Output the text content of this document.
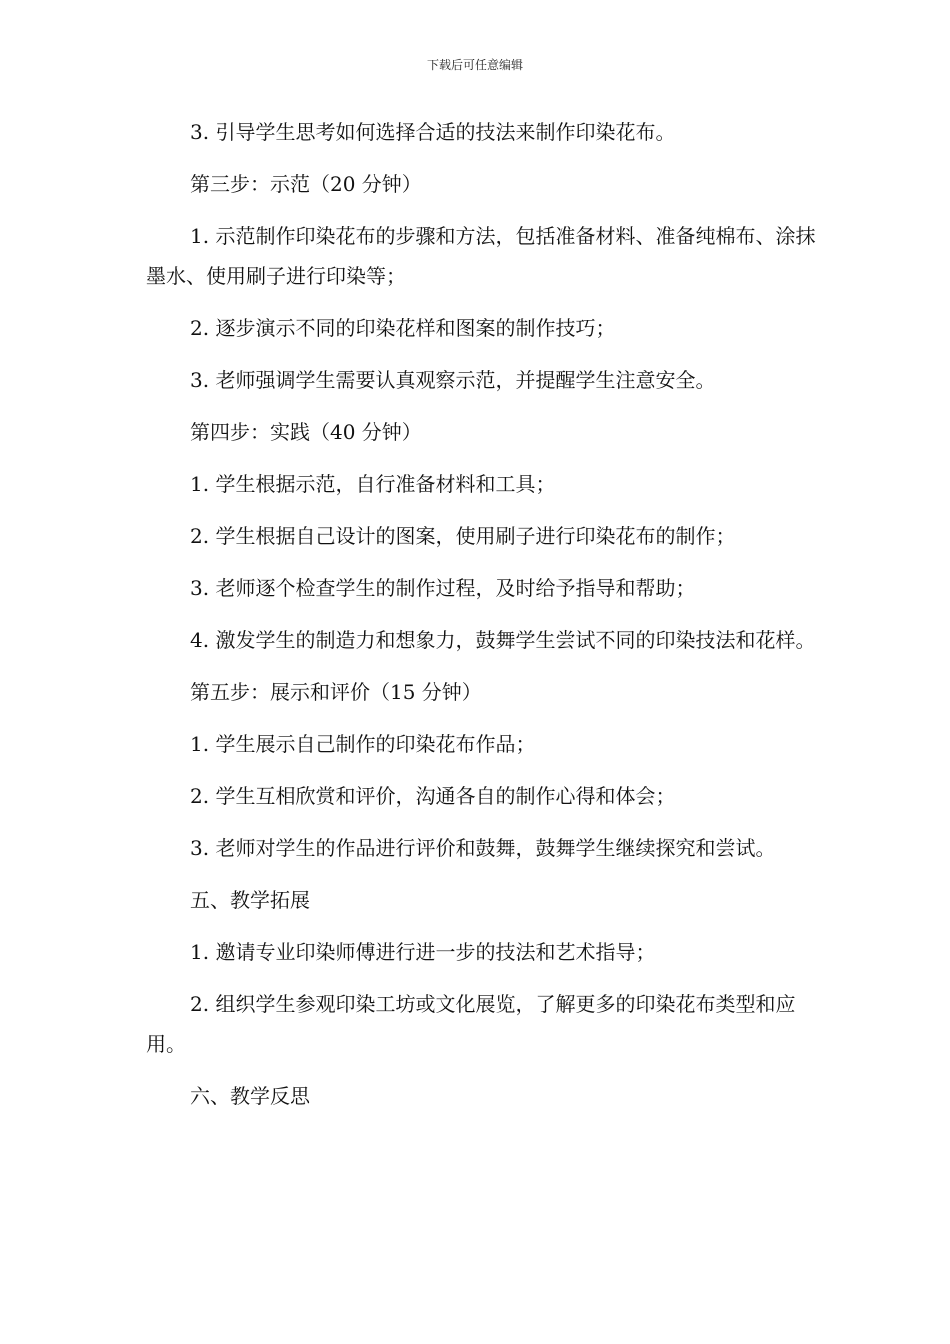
下载后可任意编辑

3. 引导学生思考如何选择合适的技法来制作印染花布。

第三步：示范（20 分钟）

1. 示范制作印染花布的步骤和方法，包括准备材料、准备纯棉布、涂抹墨水、使用刷子进行印染等；

2. 逐步演示不同的印染花样和图案的制作技巧；

3. 老师强调学生需要认真观察示范，并提醒学生注意安全。

第四步：实践（40 分钟）

1. 学生根据示范，自行准备材料和工具；

2. 学生根据自己设计的图案，使用刷子进行印染花布的制作；

3. 老师逐个检查学生的制作过程，及时给予指导和帮助；

4. 激发学生的制造力和想象力，鼓舞学生尝试不同的印染技法和花样。

第五步：展示和评价（15 分钟）

1. 学生展示自己制作的印染花布作品；

2. 学生互相欣赏和评价，沟通各自的制作心得和体会；

3. 老师对学生的作品进行评价和鼓舞，鼓舞学生继续探究和尝试。

五、教学拓展

1. 邀请专业印染师傅进行进一步的技法和艺术指导；

2. 组织学生参观印染工坊或文化展览，了解更多的印染花布类型和应用。

六、教学反思
